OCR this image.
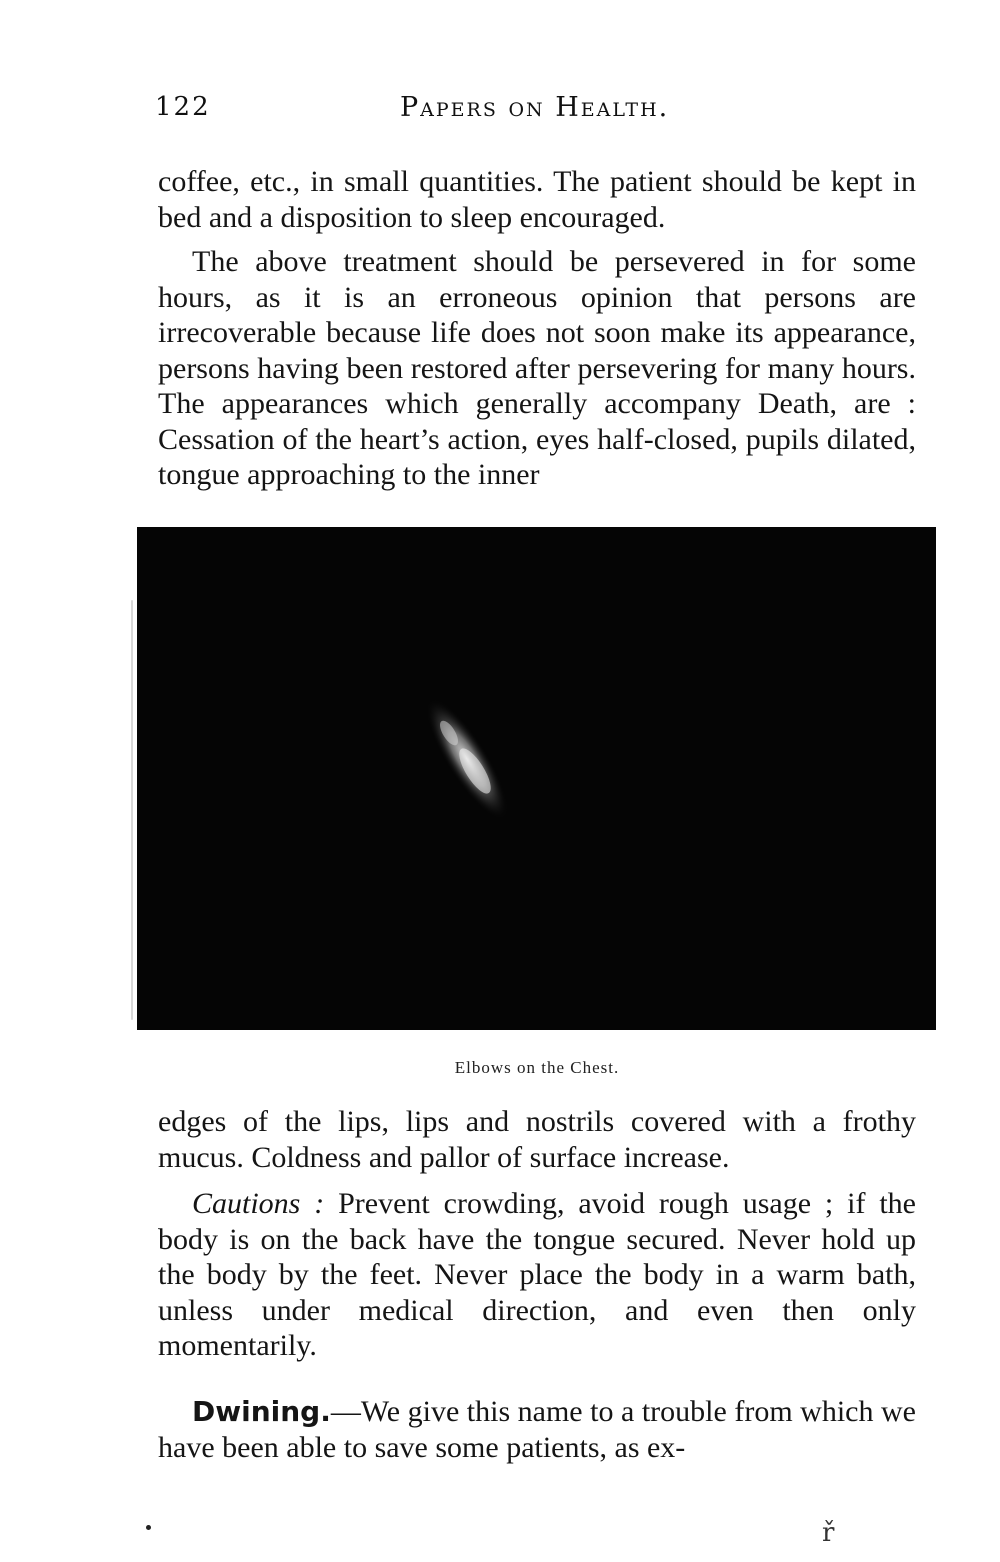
122	Papers on Health.

coffee, etc., in small quantities. The patient should be kept in bed and a disposition to sleep encouraged.

The above treatment should be persevered in for some hours, as it is an erroneous opinion that persons are irrecoverable because life does not soon make its appearance, persons having been restored after persevering for many hours. The appearances which generally accompany Death, are : Cessation of the heart’s action, eyes half-closed, pupils dilated, tongue approaching to the inner

Elbows on the Chest.

edges of the lips, lips and nostrils covered with a frothy mucus. Coldness and pallor of surface increase.

Cautions : Prevent crowding, avoid rough usage ; if the body is on the back have the tongue secured. Never hold up the body by the feet. Never place the body in a warm bath, unless under medical direction, and even then only momentarily.

Dwining.—We give this name to a trouble from which we have been able to save some patients, as ex-

ř
